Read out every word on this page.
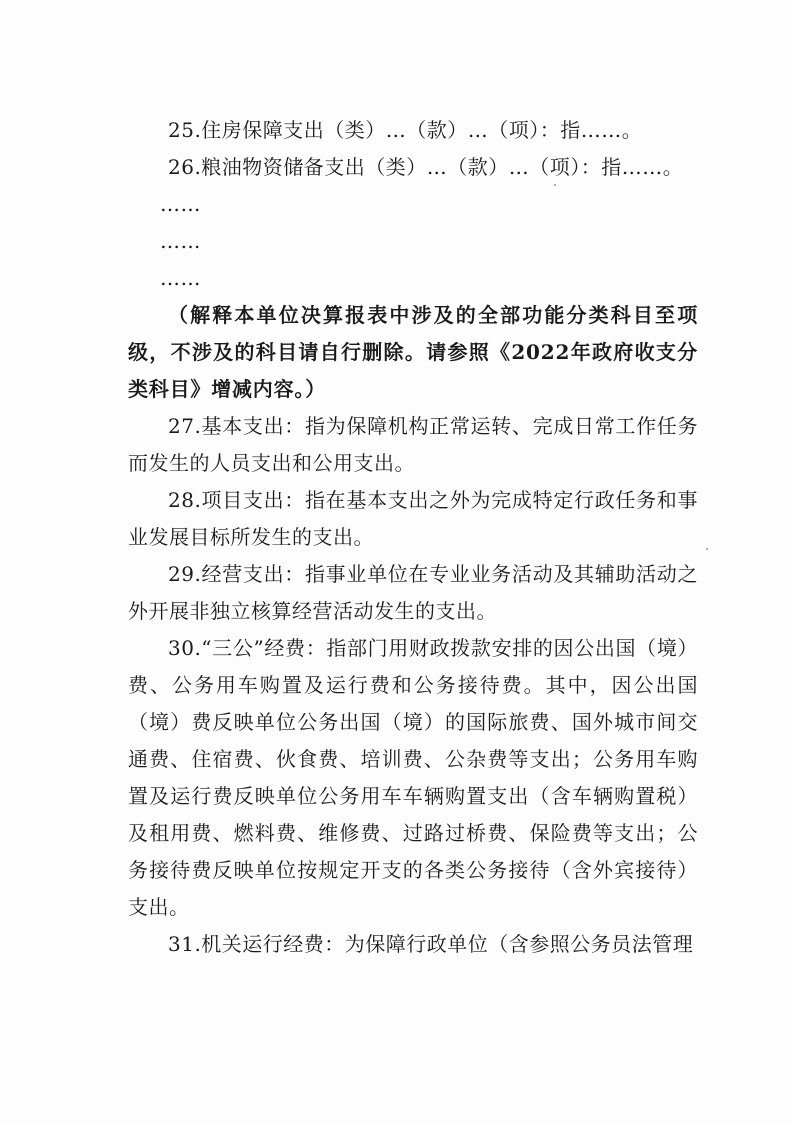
25.住房保障支出（类）…（款）…（项）：指……。

26.粮油物资储备支出（类）…（款）…（项）：指……。

……

……

……

（解释本单位决算报表中涉及的全部功能分类科目至项级，不涉及的科目请自行删除。请参照《2022年政府收支分类科目》增减内容。）

27.基本支出：指为保障机构正常运转、完成日常工作任务而发生的人员支出和公用支出。

28.项目支出：指在基本支出之外为完成特定行政任务和事业发展目标所发生的支出。

29.经营支出：指事业单位在专业业务活动及其辅助活动之外开展非独立核算经营活动发生的支出。

30.“三公”经费：指部门用财政拨款安排的因公出国（境）费、公务用车购置及运行费和公务接待费。其中，因公出国（境）费反映单位公务出国（境）的国际旅费、国外城市间交通费、住宿费、伙食费、培训费、公杂费等支出；公务用车购置及运行费反映单位公务用车车辆购置支出（含车辆购置税）及租用费、燃料费、维修费、过路过桥费、保险费等支出；公务接待费反映单位按规定开支的各类公务接待（含外宾接待）支出。

31.机关运行经费：为保障行政单位（含参照公务员法管理
